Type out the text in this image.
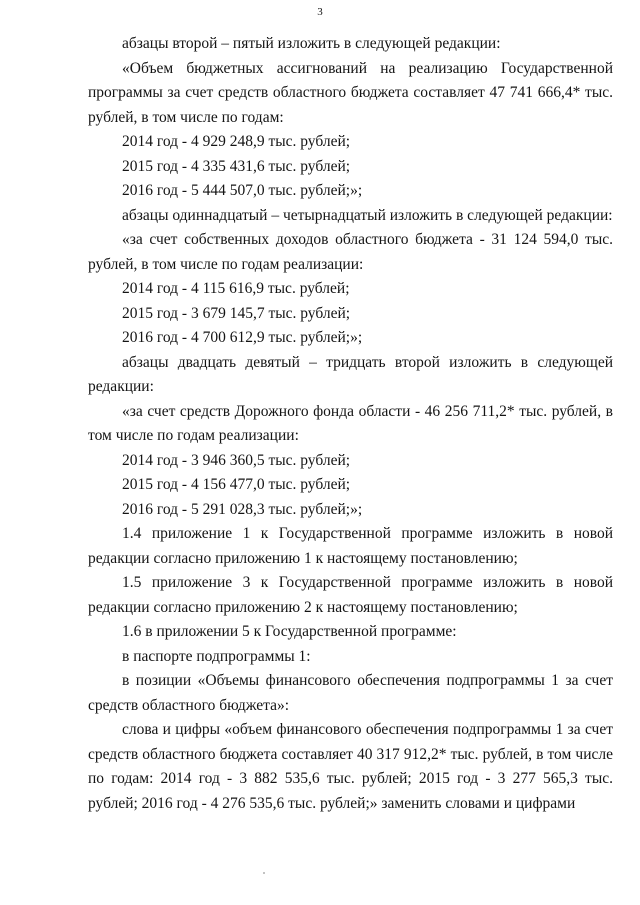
3

абзацы второй – пятый изложить в следующей редакции:

«Объем бюджетных ассигнований на реализацию Государственной программы за счет средств областного бюджета составляет 47 741 666,4* тыс. рублей, в том числе по годам:

2014 год - 4 929 248,9 тыс. рублей;

2015 год - 4 335 431,6 тыс. рублей;

2016 год - 5 444 507,0 тыс. рублей;»;

абзацы одиннадцатый – четырнадцатый изложить в следующей редакции:

«за счет собственных доходов областного бюджета - 31 124 594,0 тыс. рублей, в том числе по годам реализации:

2014 год - 4 115 616,9 тыс. рублей;

2015 год - 3 679 145,7 тыс. рублей;

2016 год - 4 700 612,9 тыс. рублей;»;

абзацы двадцать девятый – тридцать второй изложить в следующей редакции:

«за счет средств Дорожного фонда области - 46 256 711,2* тыс. рублей, в том числе по годам реализации:

2014 год - 3 946 360,5 тыс. рублей;

2015 год - 4 156 477,0 тыс. рублей;

2016 год - 5 291 028,3 тыс. рублей;»;

1.4 приложение 1 к Государственной программе изложить в новой редакции согласно приложению 1 к настоящему постановлению;

1.5 приложение 3 к Государственной программе изложить в новой редакции согласно приложению 2 к настоящему постановлению;

1.6 в приложении 5 к Государственной программе:

в паспорте подпрограммы 1:

в позиции «Объемы финансового обеспечения подпрограммы 1 за счет средств областного бюджета»:

слова и цифры «объем финансового обеспечения подпрограммы 1 за счет средств областного бюджета составляет 40 317 912,2* тыс. рублей, в том числе по годам: 2014 год - 3 882 535,6 тыс. рублей; 2015 год - 3 277 565,3 тыс. рублей; 2016 год - 4 276 535,6 тыс. рублей;» заменить словами и цифрами
